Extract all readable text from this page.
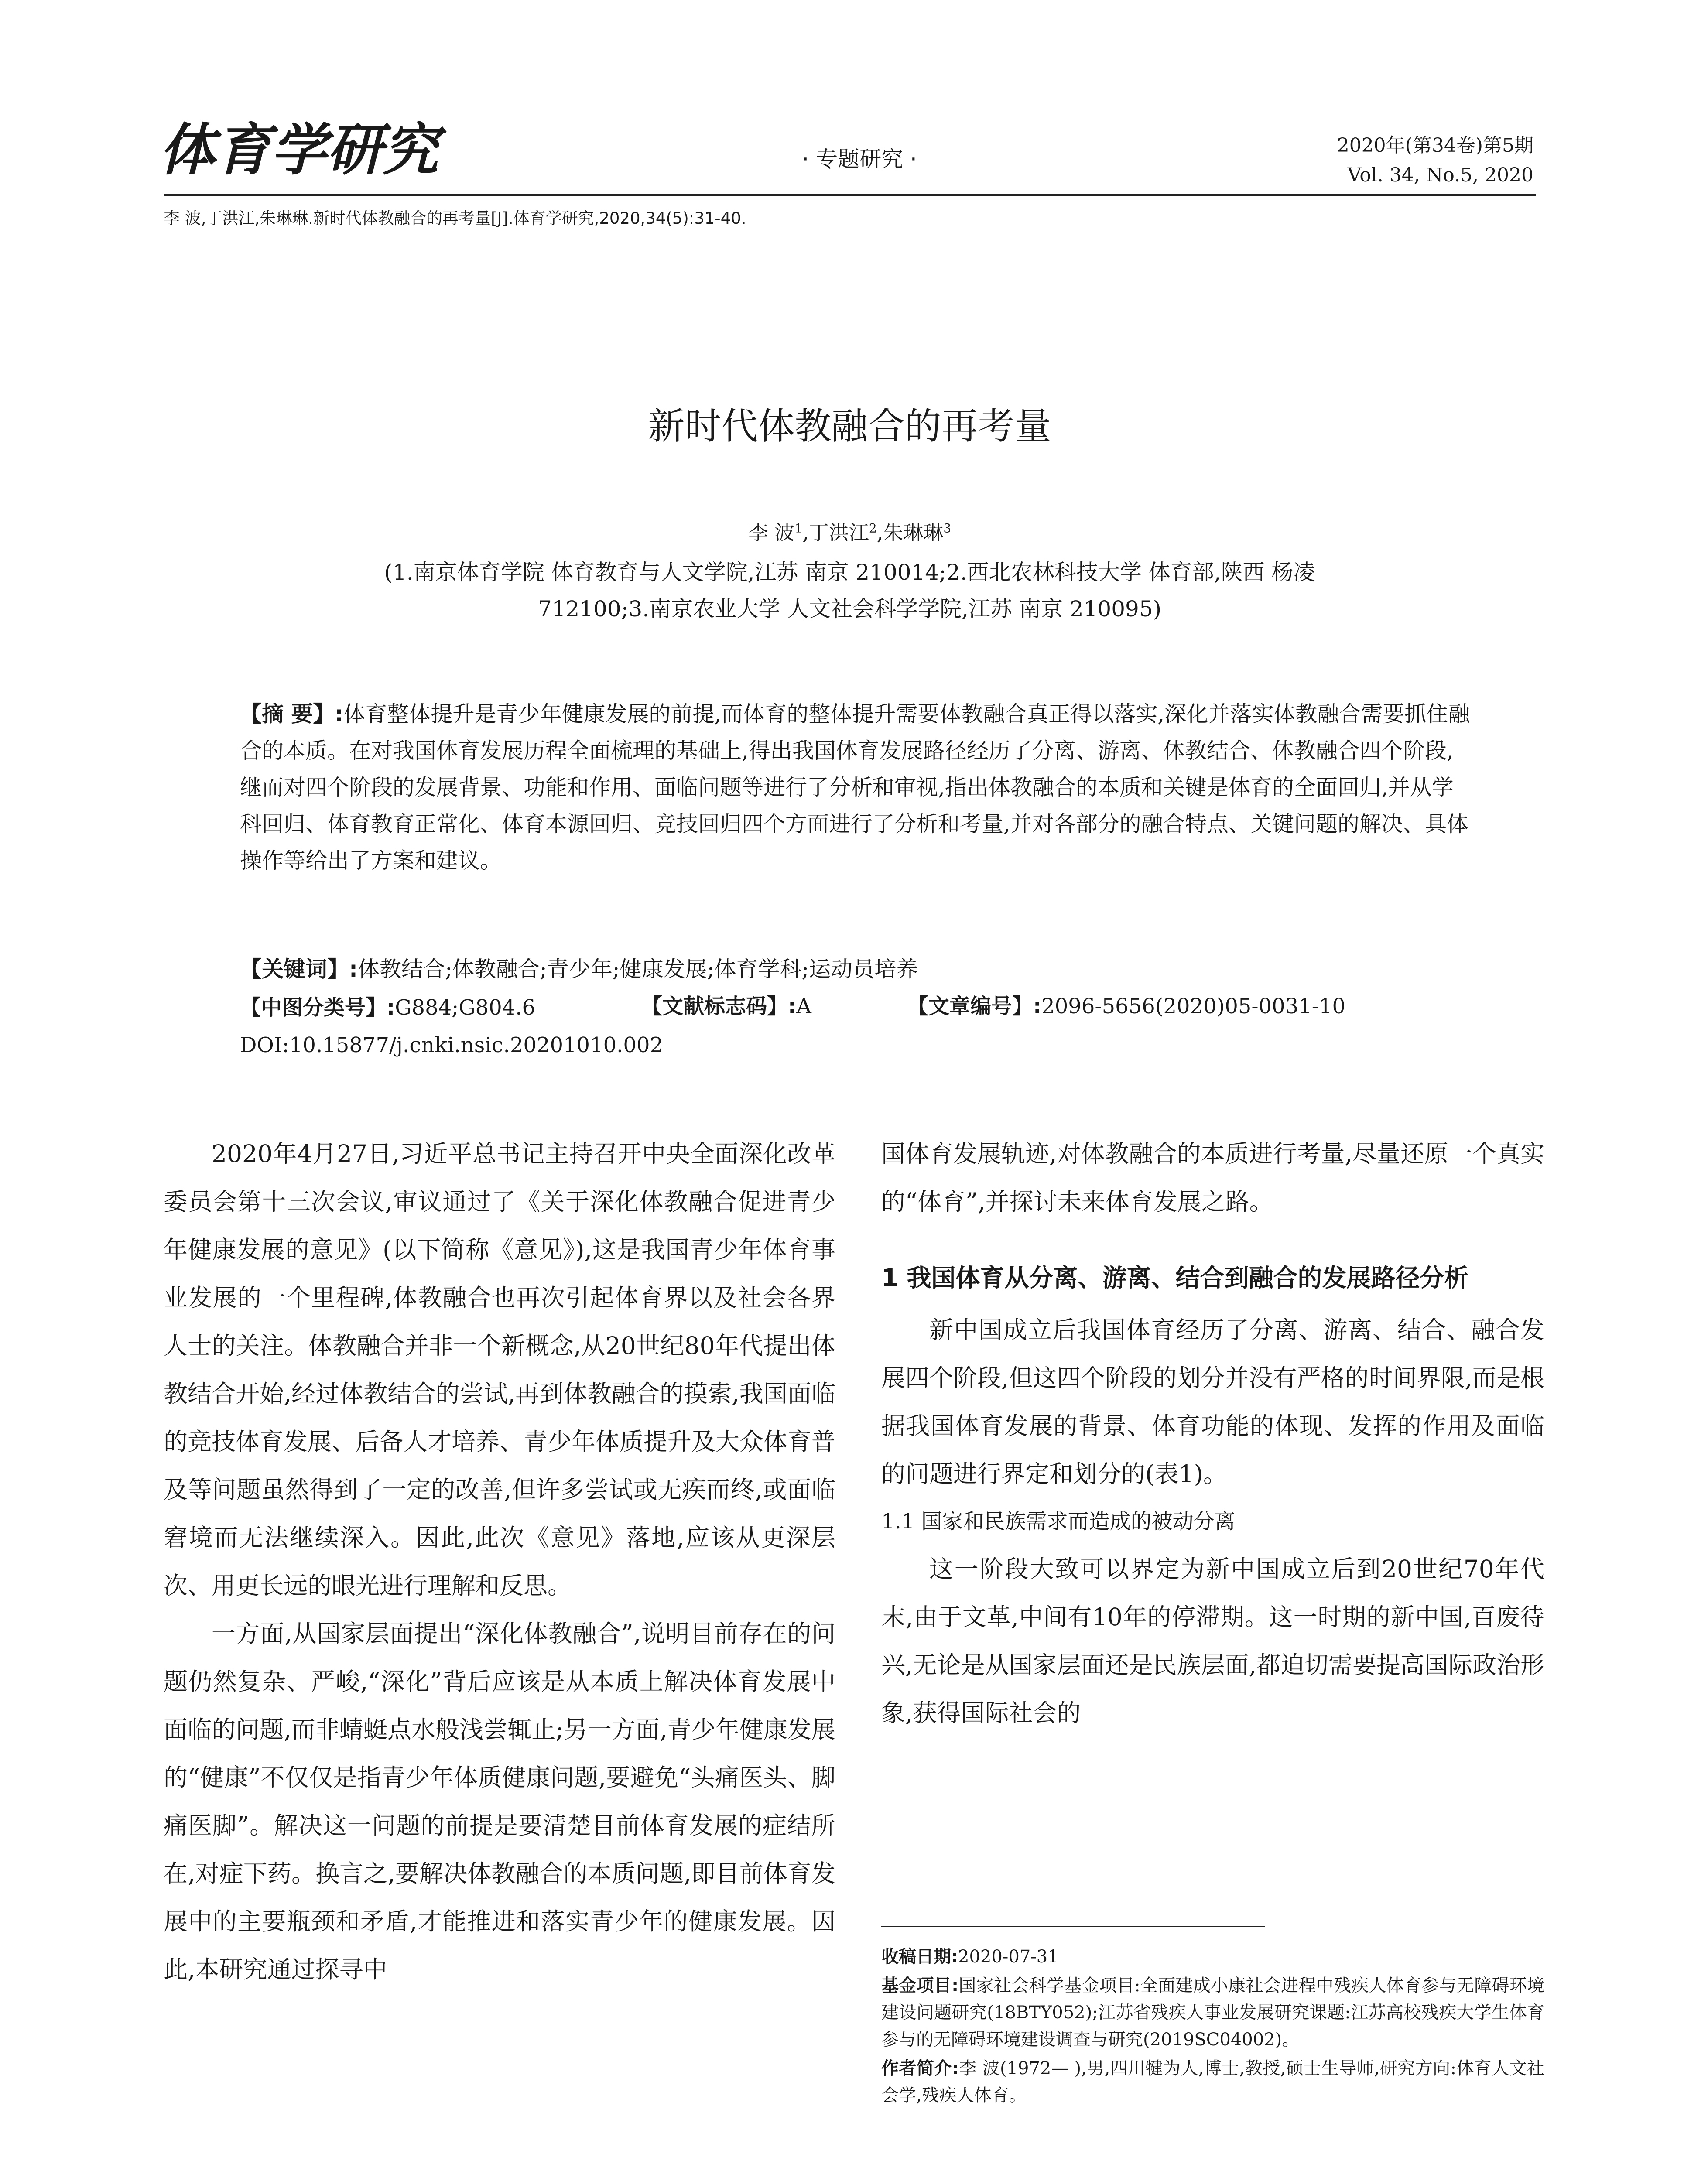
体育学研究	· 专题研究 ·
2020年(第34卷)第5期
Vol. 34, No.5, 2020
李 波,丁洪江,朱琳琳.新时代体教融合的再考量[J].体育学研究,2020,34(5):31-40.
新时代体教融合的再考量
李 波$^1$,丁洪江$^2$,朱琳琳$^3$
(1.南京体育学院 体育教育与人文学院,江苏 南京 210014;2.西北农林科技大学 体育部,陕西 杨凌
712100;3.南京农业大学 人文社会科学学院,江苏 南京 210095)
【摘 要】:体育整体提升是青少年健康发展的前提,而体育的整体提升需要体教融合真正得以落实,深化并落实体教融合需要抓住融合的本质。在对我国体育发展历程全面梳理的基础上,得出我国体育发展路径经历了分离、游离、体教结合、体教融合四个阶段,继而对四个阶段的发展背景、功能和作用、面临问题等进行了分析和审视,指出体教融合的本质和关键是体育的全面回归,并从学科回归、体育教育正常化、体育本源回归、竞技回归四个方面进行了分析和考量,并对各部分的融合特点、关键问题的解决、具体操作等给出了方案和建议。
【关键词】:体教结合;体教融合;青少年;健康发展;体育学科;运动员培养
【中图分类号】:G884;G804.6	【文献标志码】:A	【文章编号】:2096-5656(2020)05-0031-10
DOI:10.15877/j.cnki.nsic.20201010.002

2020年4月27日,习近平总书记主持召开中央全面深化改革委员会第十三次会议,审议通过了《关于深化体教融合促进青少年健康发展的意见》(以下简称《意见》),这是我国青少年体育事业发展的一个里程碑,体教融合也再次引起体育界以及社会各界人士的关注。体教融合并非一个新概念,从20世纪80年代提出体教结合开始,经过体教结合的尝试,再到体教融合的摸索,我国面临的竞技体育发展、后备人才培养、青少年体质提升及大众体育普及等问题虽然得到了一定的改善,但许多尝试或无疾而终,或面临窘境而无法继续深入。因此,此次《意见》落地,应该从更深层次、用更长远的眼光进行理解和反思。

一方面,从国家层面提出“深化体教融合”,说明目前存在的问题仍然复杂、严峻,“深化”背后应该是从本质上解决体育发展中面临的问题,而非蜻蜓点水般浅尝辄止;另一方面,青少年健康发展的“健康”不仅仅是指青少年体质健康问题,要避免“头痛医头、脚痛医脚”。解决这一问题的前提是要清楚目前体育发展的症结所在,对症下药。换言之,要解决体教融合的本质问题,即目前体育发展中的主要瓶颈和矛盾,才能推进和落实青少年的健康发展。因此,本研究通过探寻中

国体育发展轨迹,对体教融合的本质进行考量,尽量还原一个真实的“体育”,并探讨未来体育发展之路。

1 我国体育从分离、游离、结合到融合的发展路径分析

新中国成立后我国体育经历了分离、游离、结合、融合发展四个阶段,但这四个阶段的划分并没有严格的时间界限,而是根据我国体育发展的背景、体育功能的体现、发挥的作用及面临的问题进行界定和划分的(表1)。

1.1 国家和民族需求而造成的被动分离

这一阶段大致可以界定为新中国成立后到20世纪70年代末,由于文革,中间有10年的停滞期。这一时期的新中国,百废待兴,无论是从国家层面还是民族层面,都迫切需要提高国际政治形象,获得国际社会的

收稿日期:2020-07-31
基金项目:国家社会科学基金项目:全面建成小康社会进程中残疾人体育参与无障碍环境建设问题研究(18BTY052);江苏省残疾人事业发展研究课题:江苏高校残疾大学生体育参与的无障碍环境建设调查与研究(2019SC04002)。
作者简介:李 波(1972— ),男,四川犍为人,博士,教授,硕士生导师,研究方向:体育人文社会学,残疾人体育。
